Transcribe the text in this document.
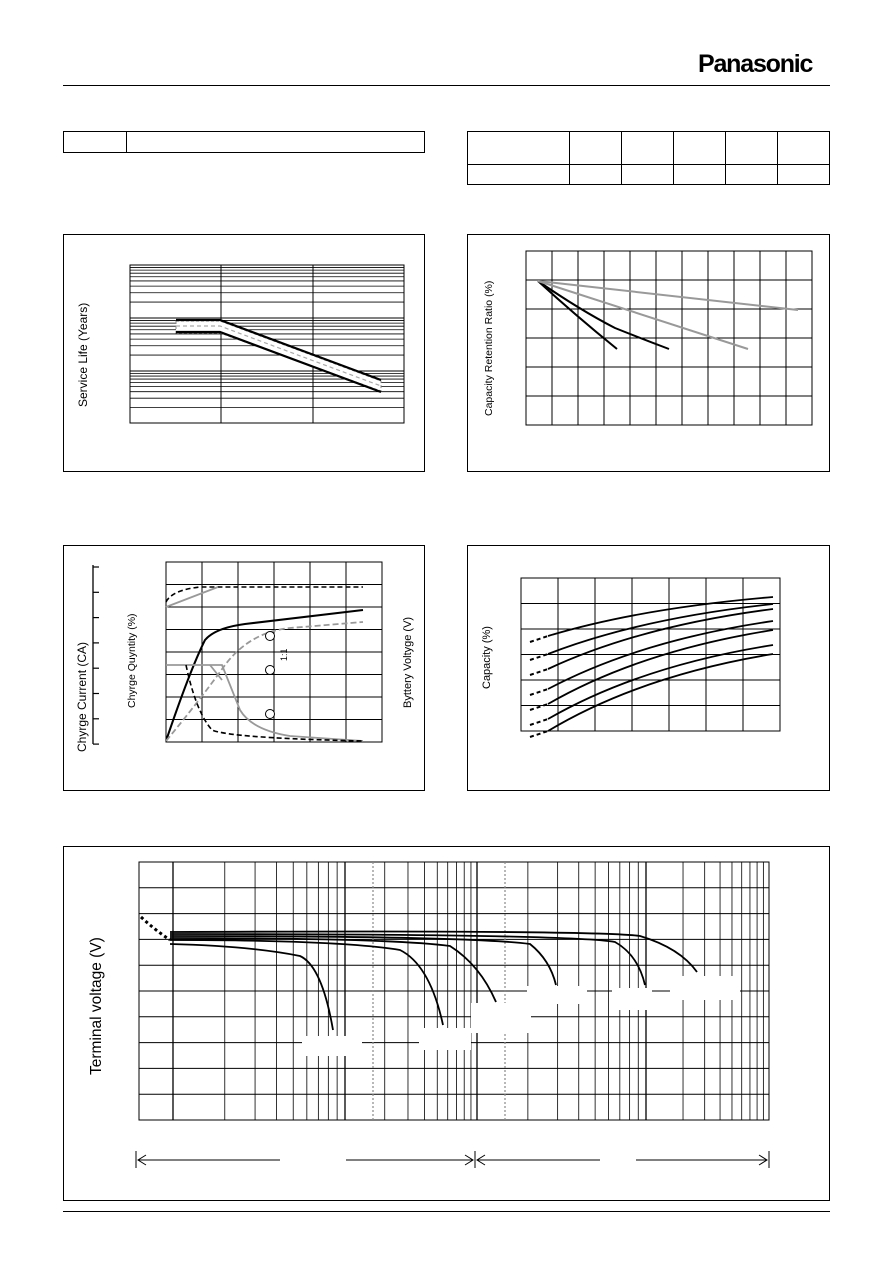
Panasonic

Service Life (Years)	Capacity Retention Ratio (%)
Chyrge Current (CA)	Chyrge Quyntity (%)	Byttery Voltyge (V)
1:1	Capacity (%)
Terminal voltage (V)
